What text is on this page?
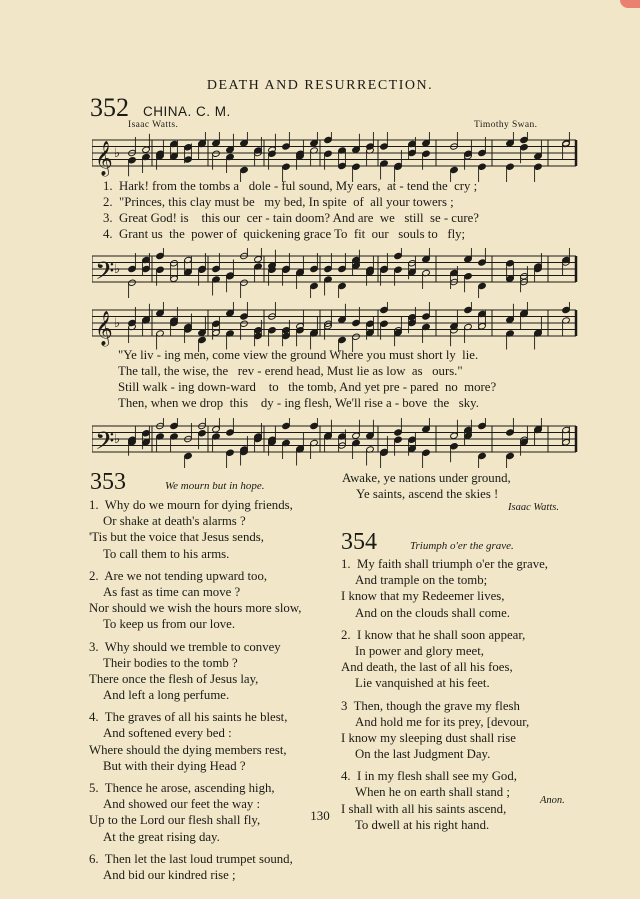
DEATH AND RESURRECTION.
352 CHINA. C. M.
Isaac Watts.	Timothy Swan.
𝄞 ♭
1.  Hark! from the tombs a   dole - ful sound, My ears,  at - tend the  cry ;
2.  "Princes, this clay must be   my bed, In spite  of  all your towers ;
3.  Great God! is    this our  cer - tain doom? And are  we   still  se - cure?
4.  Grant us  the  power of  quickening grace To  fit  our   souls to   fly;
𝄢 ♭
𝄞 ♭
"Ye liv - ing men, come view the ground Where you must short ly  lie.
The tall, the wise, the   rev - erend head, Must lie as low  as   ours."
Still walk - ing down-ward    to   the tomb, And yet pre - pared  no  more?
Then, when we drop  this    dy - ing flesh, We'll rise a - bove  the   sky.
𝄢 ♭
353	We mourn but in hope.
1.  Why do we mourn for dying friends,
Or shake at death's alarms ?
'Tis but the voice that Jesus sends,
To call them to his arms.
2.  Are we not tending upward too,
As fast as time can move ?
Nor should we wish the hours more slow,
To keep us from our love.
3.  Why should we tremble to convey
Their bodies to the tomb ?
There once the flesh of Jesus lay,
And left a long perfume.
4.  The graves of all his saints he blest,
And softened every bed :
Where should the dying members rest,
But with their dying Head ?
5.  Thence he arose, ascending high,
And showed our feet the way :
Up to the Lord our flesh shall fly,
At the great rising day.
6.  Then let the last loud trumpet sound,
And bid our kindred rise ;
Awake, ye nations under ground,
Ye saints, ascend the skies !
Isaac Watts.
354	Triumph o'er the grave.
1.  My faith shall triumph o'er the grave,
And trample on the tomb;
I know that my Redeemer lives,
And on the clouds shall come.
2.  I know that he shall soon appear,
In power and glory meet,
And death, the last of all his foes,
Lie vanquished at his feet.
3  Then, though the grave my flesh
And hold me for its prey, [devour,
I know my sleeping dust shall rise
On the last Judgment Day.
4.  I in my flesh shall see my God,
When he on earth shall stand ;
I shall with all his saints ascend,
To dwell at his right hand.
Anon.
130
